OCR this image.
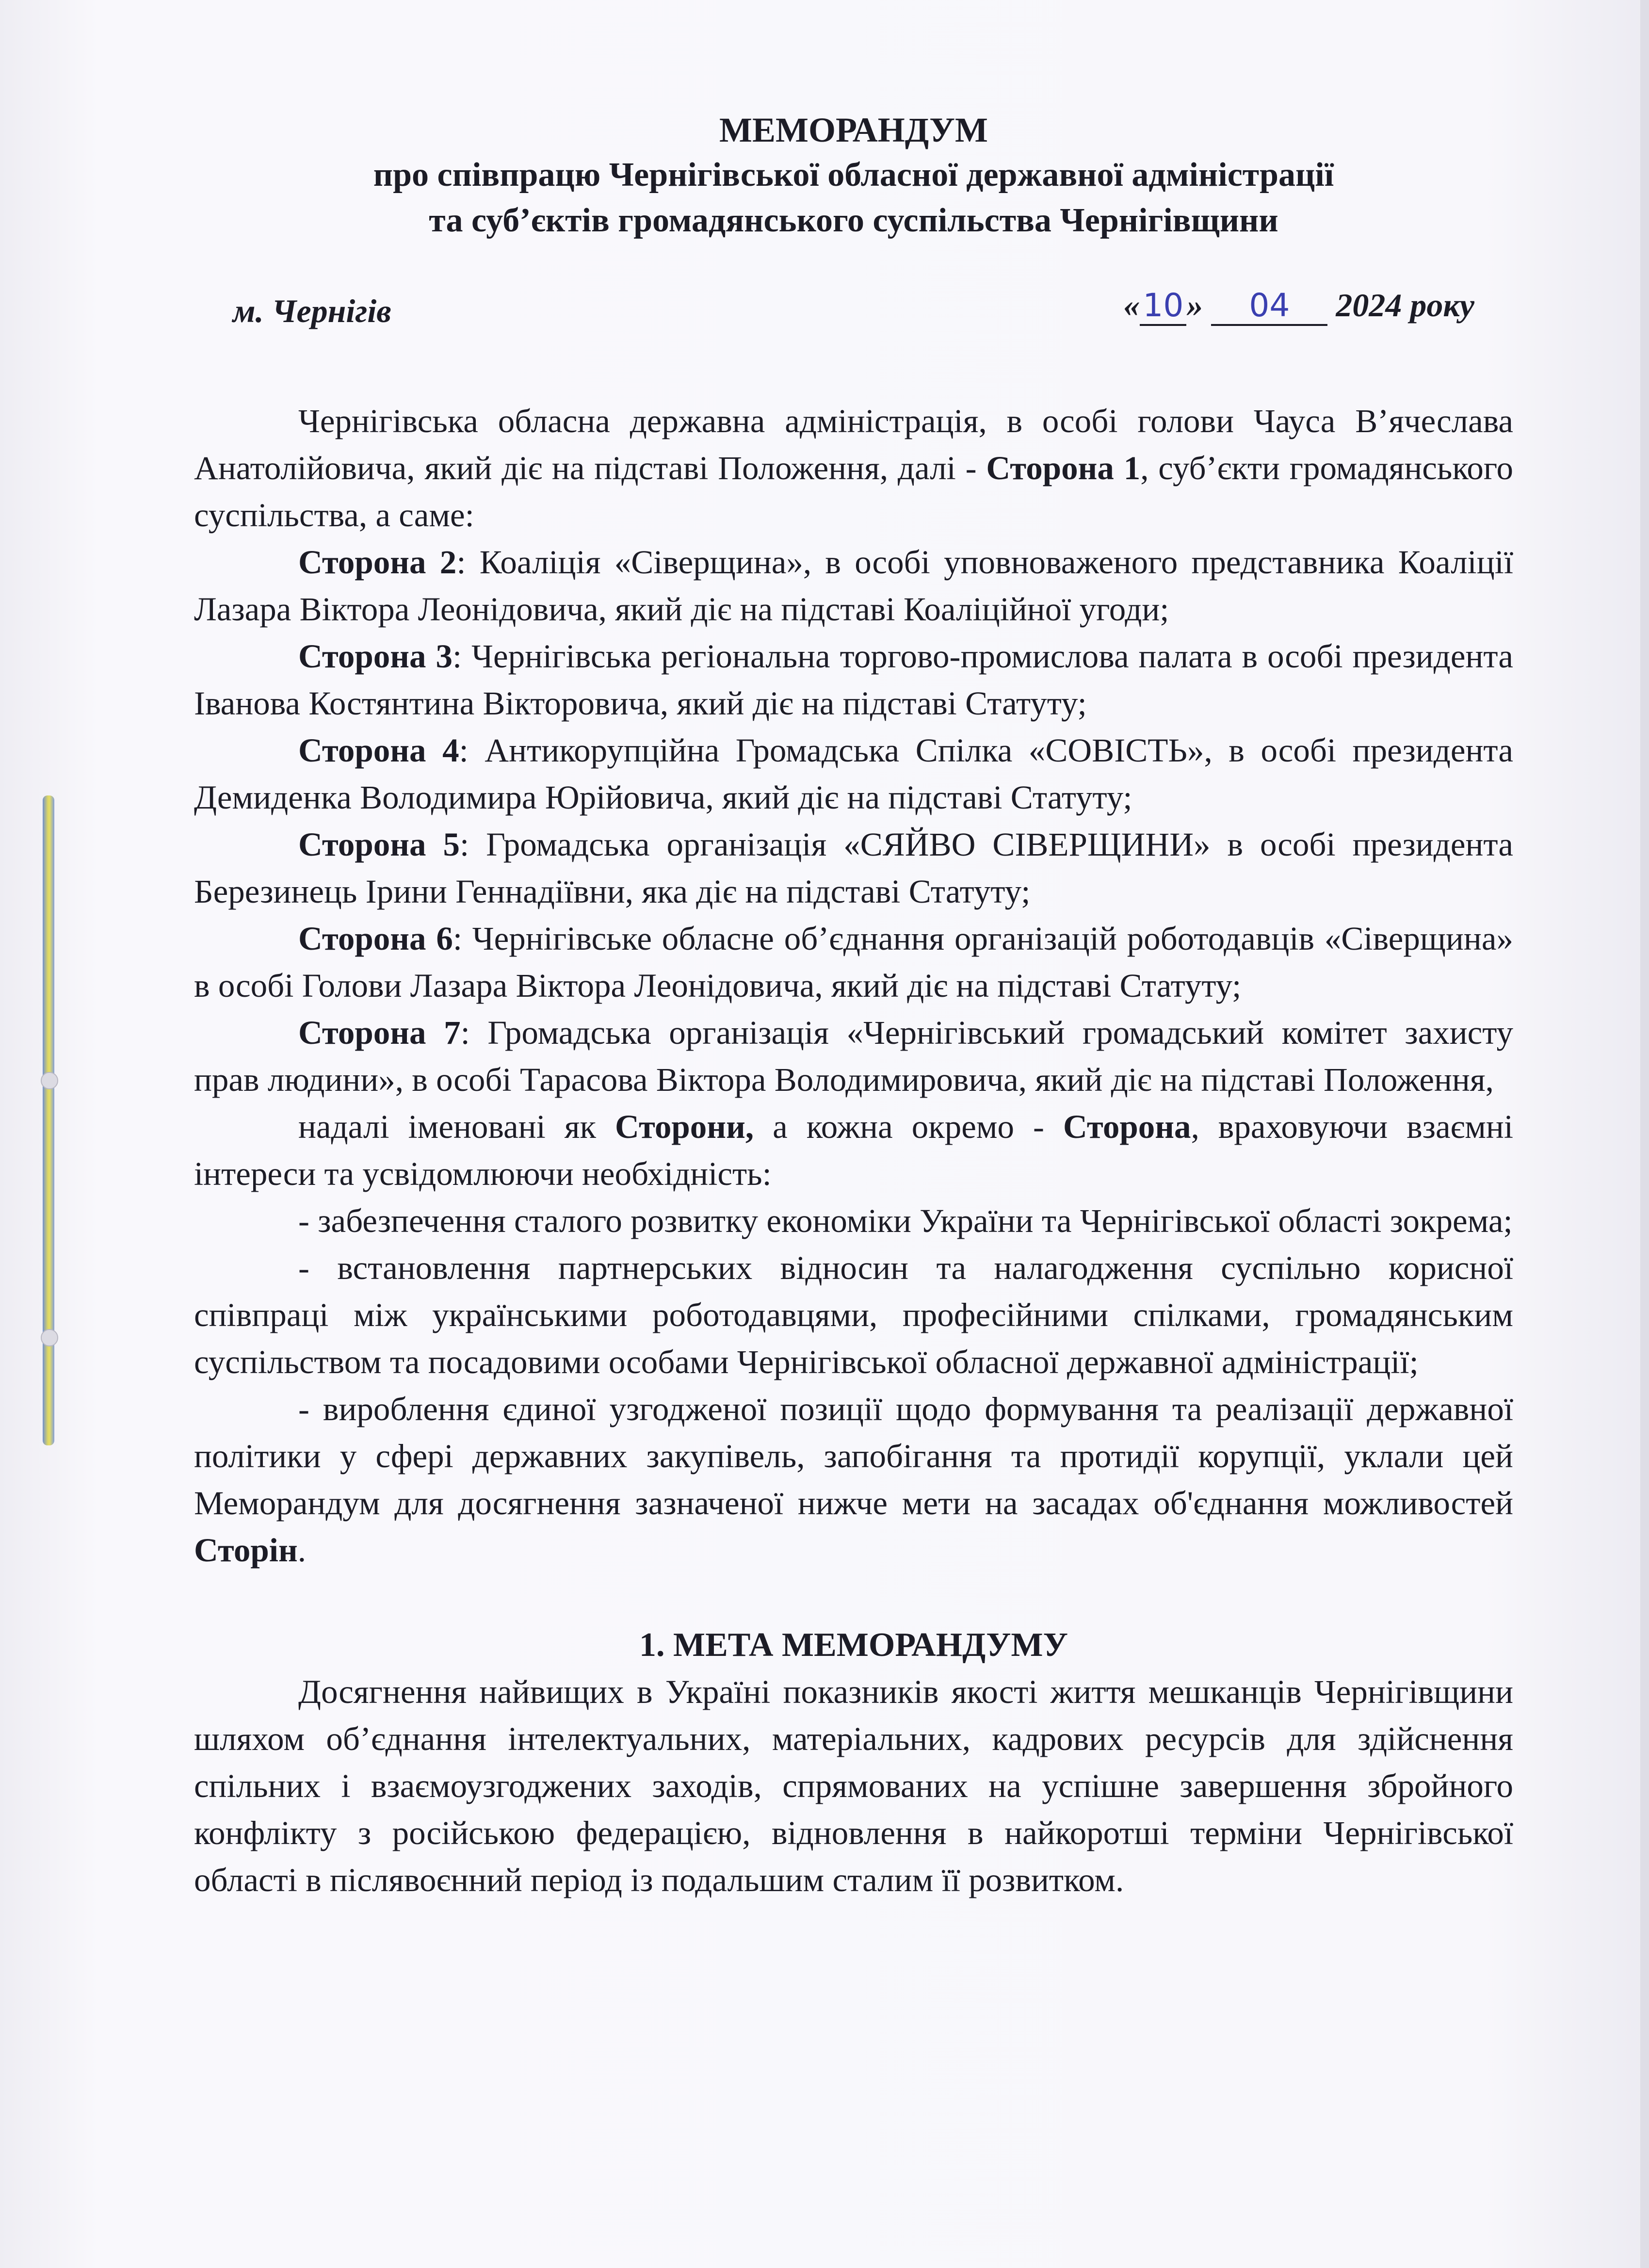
МЕМОРАНДУМ
про співпрацю Чернігівської обласної державної адміністрації
та суб’єктів громадянського суспільства Чернігівщини
м. Чернігів	«10» 04 2024 року

Чернігівська обласна державна адміністрація, в особі голови Чауса В’ячеслава Анатолійовича, який діє на підставі Положення, далі - Сторона 1, суб’єкти громадянського суспільства, а саме:

Сторона 2: Коаліція «Сіверщина», в особі уповноваженого представника Коаліції Лазара Віктора Леонідовича, який діє на підставі Коаліційної угоди;

Сторона 3: Чернігівська регіональна торгово-промислова палата в особі президента Іванова Костянтина Вікторовича, який діє на підставі Статуту;

Сторона 4: Антикорупційна Громадська Спілка «СОВІСТЬ», в особі президента Демиденка Володимира Юрійовича, який діє на підставі Статуту;

Сторона 5: Громадська організація «СЯЙВО СІВЕРЩИНИ» в особі президента Березинець Ірини Геннадіївни, яка діє на підставі Статуту;

Сторона 6: Чернігівське обласне об’єднання організацій роботодавців «Сіверщина» в особі Голови Лазара Віктора Леонідовича, який діє на підставі Статуту;

Сторона 7: Громадська організація «Чернігівський громадський комітет захисту прав людини», в особі Тарасова Віктора Володимировича, який діє на підставі Положення,

надалі іменовані як Сторони, а кожна окремо - Сторона, враховуючи взаємні інтереси та усвідомлюючи необхідність:

- забезпечення сталого розвитку економіки України та Чернігівської області зокрема;

- встановлення партнерських відносин та налагодження суспільно корисної співпраці між українськими роботодавцями, професійними спілками, громадянським суспільством та посадовими особами Чернігівської обласної державної адміністрації;

- вироблення єдиної узгодженої позиції щодо формування та реалізації державної політики у сфері державних закупівель, запобігання та протидії корупції, уклали цей Меморандум для досягнення зазначеної нижче мети на засадах об'єднання можливостей Сторін.

1. МЕТА МЕМОРАНДУМУ

Досягнення найвищих в Україні показників якості життя мешканців Чернігівщини шляхом об’єднання інтелектуальних, матеріальних, кадрових ресурсів для здійснення спільних і взаємоузгоджених заходів, спрямованих на успішне завершення збройного конфлікту з російською федерацією, відновлення в найкоротші терміни Чернігівської області в післявоєнний період із подальшим сталим її розвитком.
